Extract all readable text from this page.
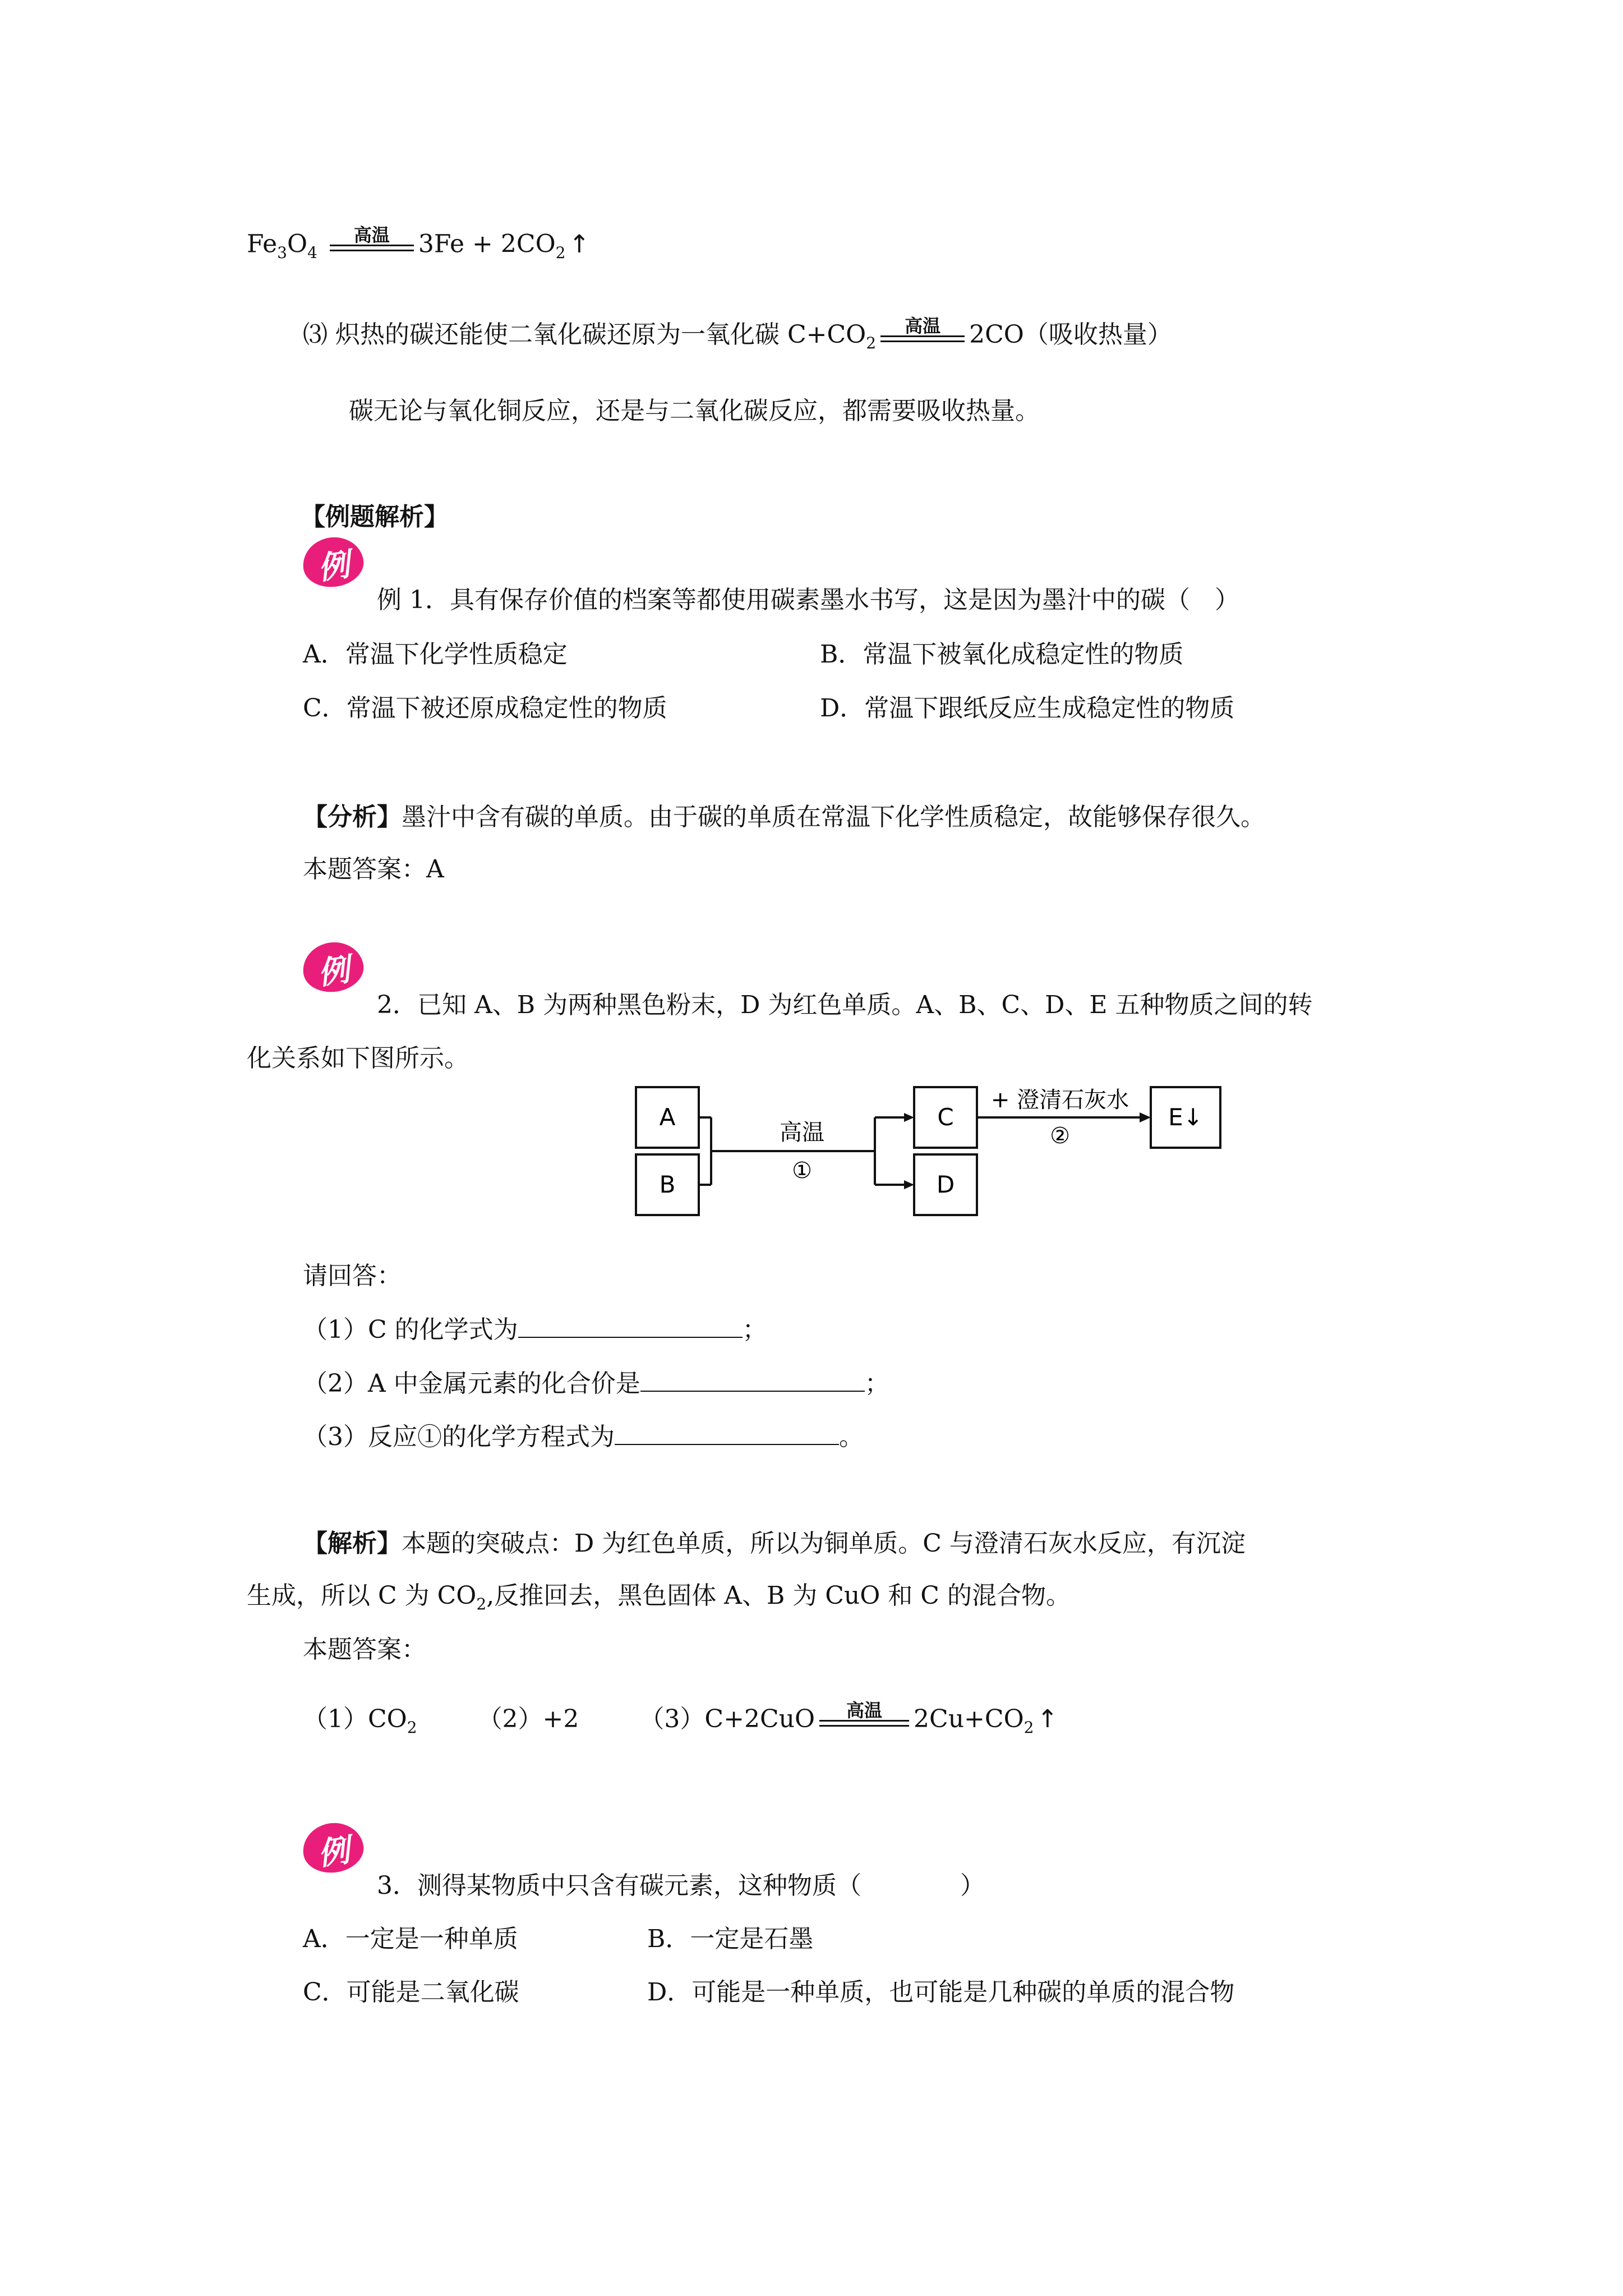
$Fe_3O_4$
高温	$3Fe + 2CO_2$ ↑
⑶ 炽热的碳还能使二氧化碳还原为一氧化碳 $C+CO_2$
高温	2CO（吸收热量）
碳无论与氧化铜反应，还是与二氧化碳反应，都需要吸收热量。
【例题解析】
例
例 1．具有保存价值的档案等都使用碳素墨水书写，这是因为墨汁中的碳（　）
A．常温下化学性质稳定	B．常温下被氧化成稳定性的物质
C．常温下被还原成稳定性的物质	D．常温下跟纸反应生成稳定性的物质
【分析】墨汁中含有碳的单质。由于碳的单质在常温下化学性质稳定，故能够保存很久。
本题答案：A
例
2．已知 A、B 为两种黑色粉末，D 为红色单质。A、B、C、D、E 五种物质之间的转
化关系如下图所示。
A
B
C
D
E↓
高温
①
+ 澄清石灰水
②
请回答：
（1）C 的化学式为	；
（2）A 中金属元素的化合价是	；
（3）反应①的化学方程式为	。
【解析】本题的突破点：D 为红色单质，所以为铜单质。C 与澄清石灰水反应，有沉淀
生成，所以 C 为 $CO_2$,反推回去，黑色固体 A、B 为 CuO 和 C 的混合物。
本题答案：
$(1)CO_2$ （2）+2 （3）C+2CuO	高温	$2Cu+CO_2$ ↑
例
3．测得某物质中只含有碳元素，这种物质（　　　　）
A．一定是一种单质	B．一定是石墨
C．可能是二氧化碳	D．可能是一种单质，也可能是几种碳的单质的混合物
